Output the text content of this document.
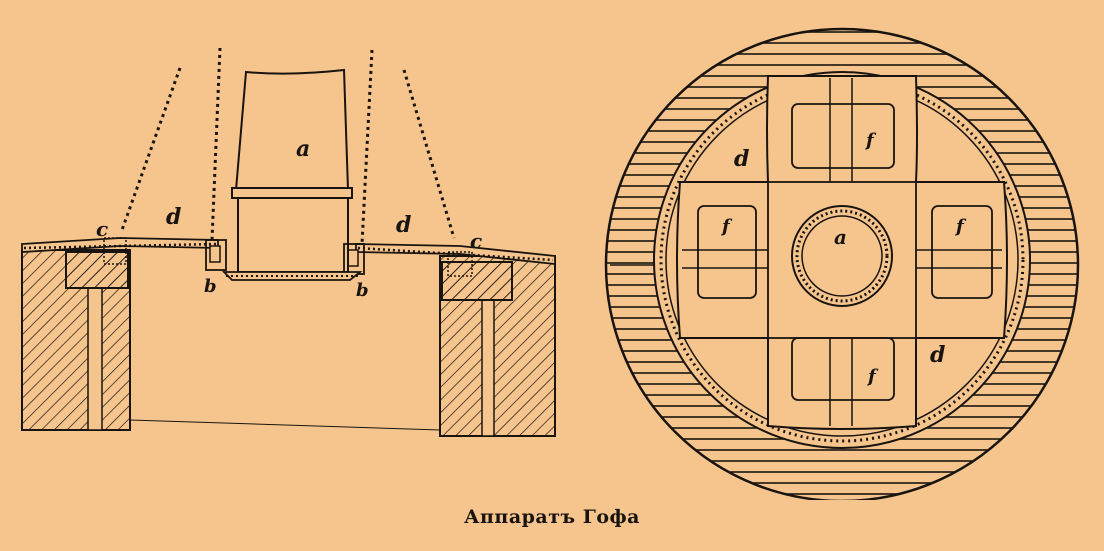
a
b	b
c	c
d	d
d
d
a
f
f	f
f
Аппаратъ Гофа
